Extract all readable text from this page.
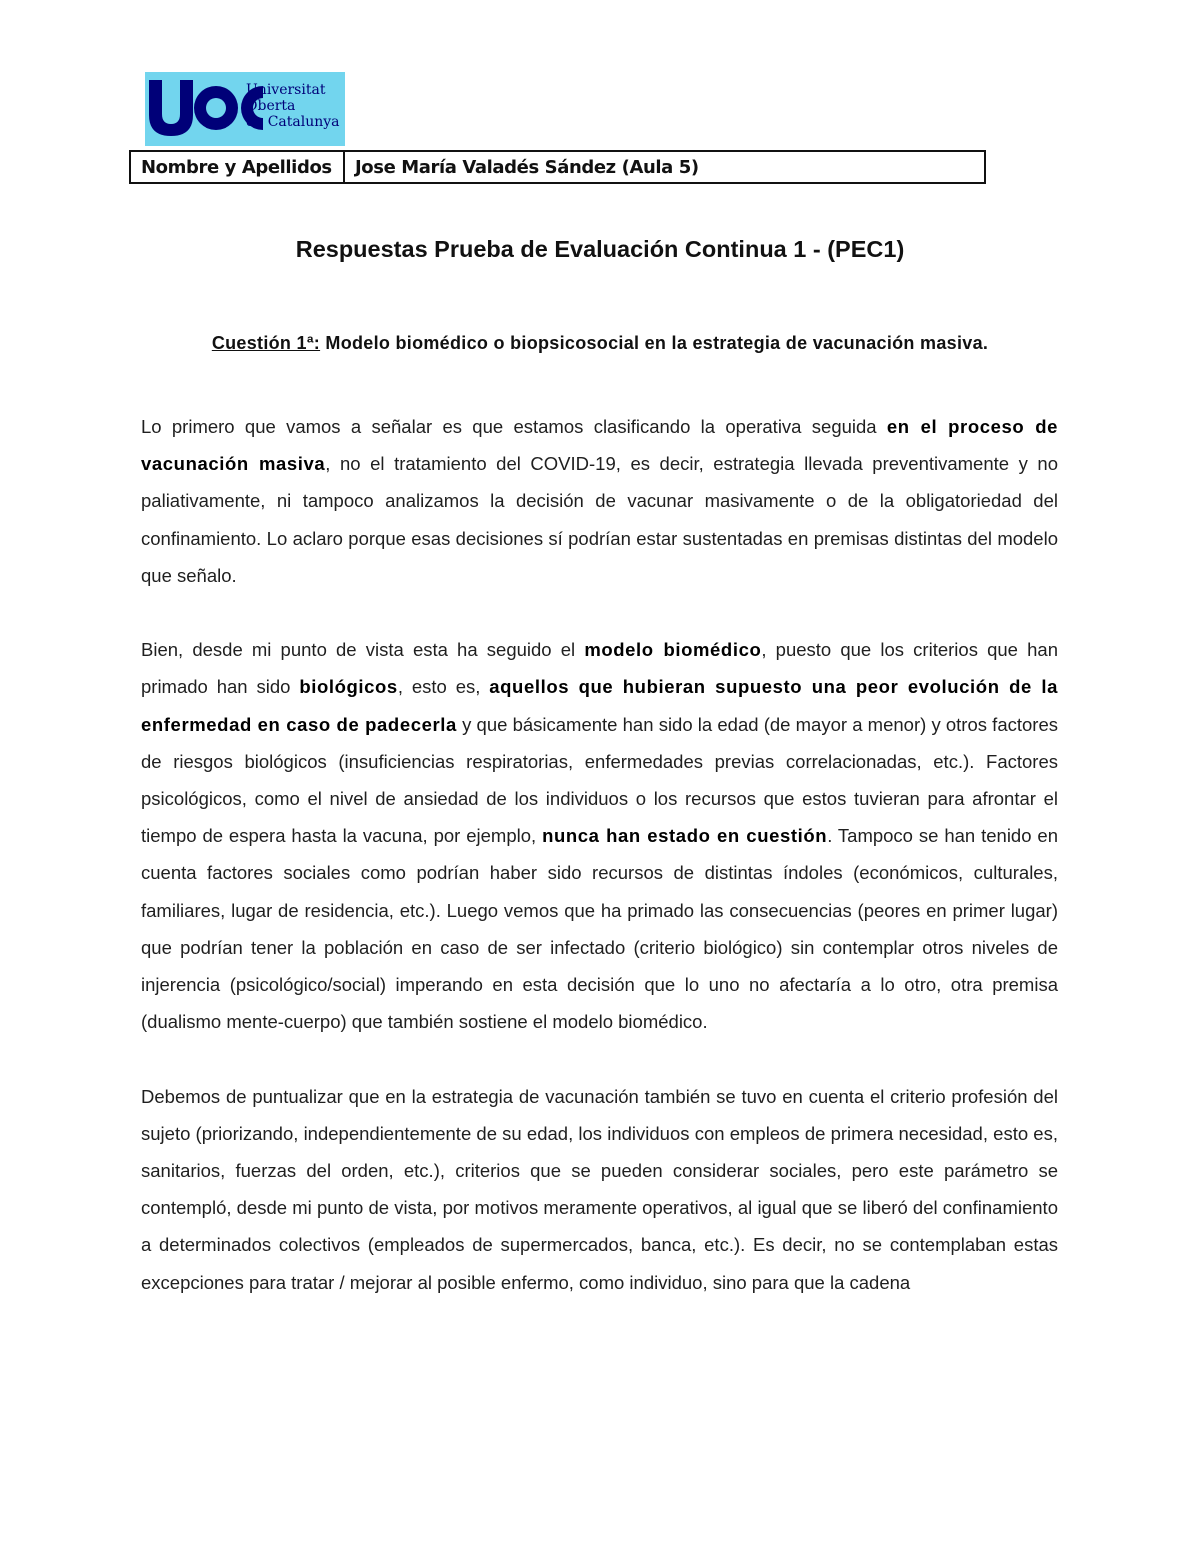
Universitat
Oberta
de Catalunya
Nombre y Apellidos	Jose María Valadés Sández (Aula 5)
Respuestas Prueba de Evaluación Continua 1 - (PEC1)
Cuestión 1ª: Modelo biomédico o biopsicosocial en la estrategia de vacunación masiva.

Lo primero que vamos a señalar es que estamos clasificando la operativa seguida en el proceso de vacunación masiva, no el tratamiento del COVID-19, es decir, estrategia llevada preventivamente y no paliativamente, ni tampoco analizamos la decisión de vacunar masivamente o de la obligatoriedad del confinamiento. Lo aclaro porque esas decisiones sí podrían estar sustentadas en premisas distintas del modelo que señalo.

Bien, desde mi punto de vista esta ha seguido el modelo biomédico, puesto que los criterios que han primado han sido biológicos, esto es, aquellos que hubieran supuesto una peor evolución de la enfermedad en caso de padecerla y que básicamente han sido la edad (de mayor a menor) y otros factores de riesgos biológicos (insuficiencias respiratorias, enfermedades previas correlacionadas, etc.). Factores psicológicos, como el nivel de ansiedad de los individuos o los recursos que estos tuvieran para afrontar el tiempo de espera hasta la vacuna, por ejemplo, nunca han estado en cuestión. Tampoco se han tenido en cuenta factores sociales como podrían haber sido recursos de distintas índoles (económicos, culturales, familiares, lugar de residencia, etc.). Luego vemos que ha primado las consecuencias (peores en primer lugar) que podrían tener la población en caso de ser infectado (criterio biológico) sin contemplar otros niveles de injerencia (psicológico/social) imperando en esta decisión que lo uno no afectaría a lo otro, otra premisa (dualismo mente-cuerpo) que también sostiene el modelo biomédico.

Debemos de puntualizar que en la estrategia de vacunación también se tuvo en cuenta el criterio profesión del sujeto (priorizando, independientemente de su edad, los individuos con empleos de primera necesidad, esto es, sanitarios, fuerzas del orden, etc.), criterios que se pueden considerar sociales, pero este parámetro se contempló, desde mi punto de vista, por motivos meramente operativos, al igual que se liberó del confinamiento a determinados colectivos (empleados de supermercados, banca, etc.). Es decir, no se contemplaban estas excepciones para tratar / mejorar al posible enfermo, como individuo, sino para que la cadena
